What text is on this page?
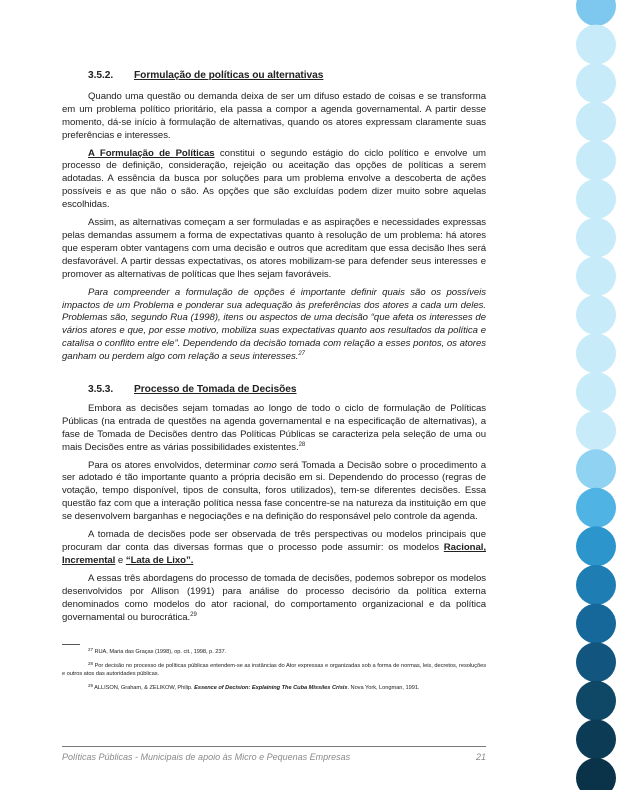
3.5.2. Formulação de políticas ou alternativas

Quando uma questão ou demanda deixa de ser um difuso estado de coisas e se transforma em um problema político prioritário, ela passa a compor a agenda governamental. A partir desse momento, dá-se início à formulação de alternativas, quando os atores expressam claramente suas preferências e interesses.

A Formulação de Políticas constitui o segundo estágio do ciclo político e envolve um processo de definição, consideração, rejeição ou aceitação das opções de políticas a serem adotadas. A essência da busca por soluções para um problema envolve a descoberta de ações possíveis e as que não o são. As opções que são excluídas podem dizer muito sobre aquelas escolhidas.

Assim, as alternativas começam a ser formuladas e as aspirações e necessidades expressas pelas demandas assumem a forma de expectativas quanto à resolução de um problema: há atores que esperam obter vantagens com uma decisão e outros que acreditam que essa decisão lhes será desfavorável. A partir dessas expectativas, os atores mobilizam-se para defender seus interesses e promover as alternativas de políticas que lhes sejam favoráveis.

Para compreender a formulação de opções é importante definir quais são os possíveis impactos de um Problema e ponderar sua adequação às preferências dos atores a cada um deles. Problemas são, segundo Rua (1998), itens ou aspectos de uma decisão “que afeta os interesses de vários atores e que, por esse motivo, mobiliza suas expectativas quanto aos resultados da política e catalisa o conflito entre ele”. Dependendo da decisão tomada com relação a esses pontos, os atores ganham ou perdem algo com relação a seus interesses.$^{27}$

3.5.3. Processo de Tomada de Decisões

Embora as decisões sejam tomadas ao longo de todo o ciclo de formulação de Políticas Públicas (na entrada de questões na agenda governamental e na especificação de alternativas), a fase de Tomada de Decisões dentro das Políticas Públicas se caracteriza pela seleção de uma ou mais Decisões entre as várias possibilidades existentes.$^{28}$

Para os atores envolvidos, determinar como será Tomada a Decisão sobre o procedimento a ser adotado é tão importante quanto a própria decisão em si. Dependendo do processo (regras de votação, tempo disponível, tipos de consulta, foros utilizados), tem-se diferentes decisões. Essa questão faz com que a interação política nessa fase concentre-se na natureza da instituição em que se desenvolvem barganhas e negociações e na definição do responsável pelo controle da agenda.

A tomada de decisões pode ser observada de três perspectivas ou modelos principais que procuram dar conta das diversas formas que o processo pode assumir: os modelos Racional, Incremental e “Lata de Lixo”.

A essas três abordagens do processo de tomada de decisões, podemos sobrepor os modelos desenvolvidos por Allison (1991) para análise do processo decisório da política externa denominados como modelos do ator racional, do comportamento organizacional e da política governamental ou burocrática.$^{29}$

$^{27}$ RUA, Maria das Graças (1998), op. cit., 1998, p. 237.

$^{28}$ Por decisão no processo de políticas públicas entendem-se as instâncias do Ator expressas e organizadas sob a forma de normas, leis, decretos, resoluções e outros atos das autoridades públicas.

$^{29}$ ALLISON, Graham, & ZELIKOW, Philip. Essence of Decision: Explaining The Cuba Missiles Crisis. Nova York, Longman, 1991.

Políticas Públicas - Municipais de apoio às Micro e Pequenas Empresas	21
